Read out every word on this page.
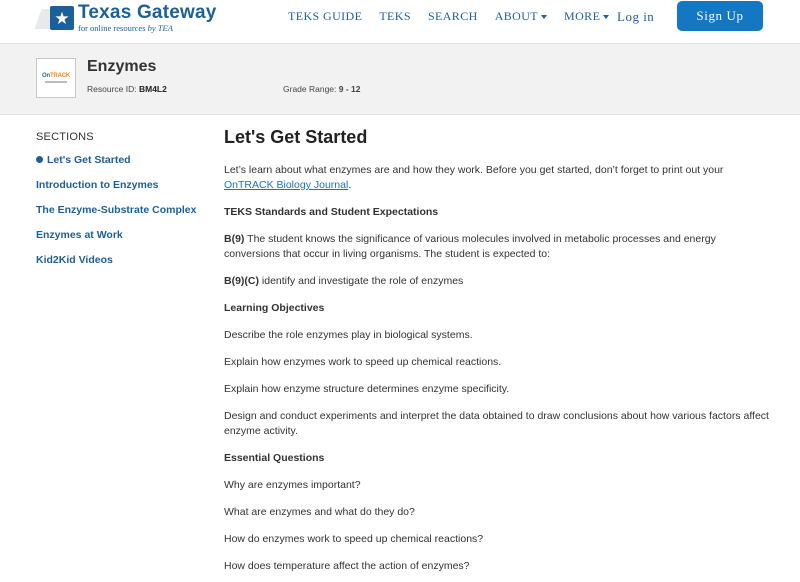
★ Texas Gateway
for online resources by TEA
TEKS GUIDE TEKS SEARCH ABOUT MORE Log in	Sign Up
OnTRACK
Enzymes
Resource ID: BM4L2	Grade Range: 9 - 12
SECTIONS
Let's Get Started
Introduction to Enzymes
The Enzyme-Substrate Complex
Enzymes at Work
Kid2Kid Videos
Let's Get Started
Let’s learn about what enzymes are and how they work. Before you get started, don’t forget to print out your OnTRACK Biology Journal.
TEKS Standards and Student Expectations
B(9) The student knows the significance of various molecules involved in metabolic processes and energy conversions that occur in living organisms. The student is expected to:
B(9)(C) identify and investigate the role of enzymes
Learning Objectives
Describe the role enzymes play in biological systems.
Explain how enzymes work to speed up chemical reactions.
Explain how enzyme structure determines enzyme specificity.
Design and conduct experiments and interpret the data obtained to draw conclusions about how various factors affect enzyme activity.
Essential Questions
Why are enzymes important?
What are enzymes and what do they do?
How do enzymes work to speed up chemical reactions?
How does temperature affect the action of enzymes?
